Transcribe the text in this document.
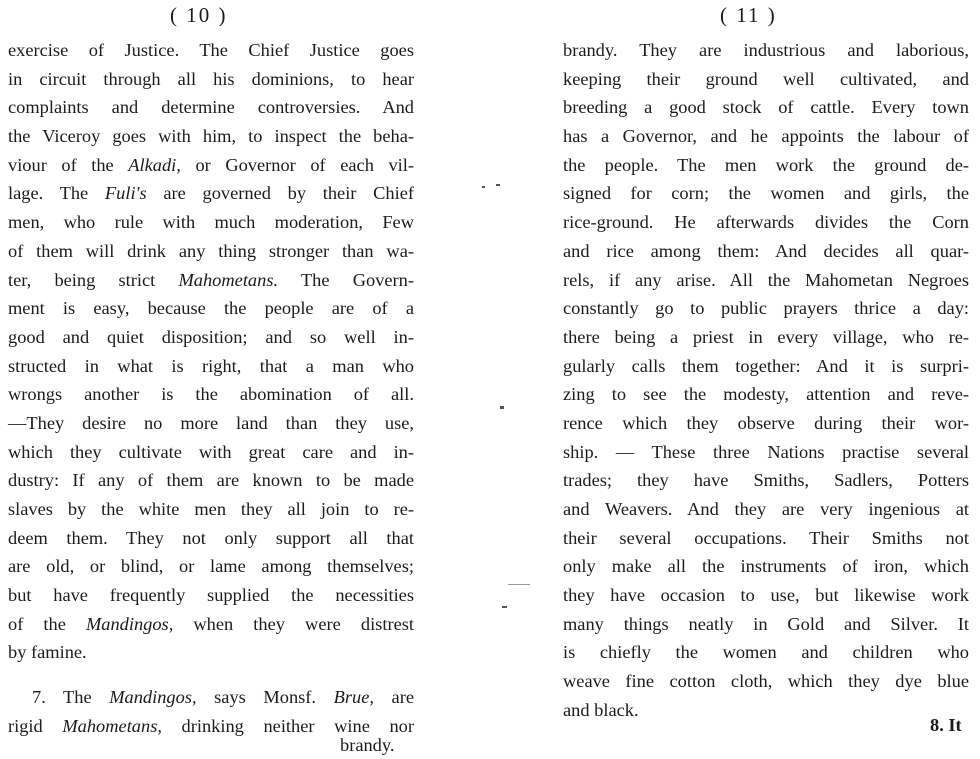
( 10 )
exercise of Justice. The Chief Justice goes
in circuit through all his dominions, to hear
complaints and determine controversies. And
the Viceroy goes with him, to inspect the beha-
viour of the Alkadi, or Governor of each vil-
lage. The Fuli's are governed by their Chief
men, who rule with much moderation, Few
of them will drink any thing stronger than wa-
ter, being strict Mahometans. The Govern-
ment is easy, because the people are of a
good and quiet disposition; and so well in-
structed in what is right, that a man who
wrongs another is the abomination of all.
—They desire no more land than they use,
which they cultivate with great care and in-
dustry: If any of them are known to be made
slaves by the white men they all join to re-
deem them. They not only support all that
are old, or blind, or lame among themselves;
but have frequently supplied the necessities
of the Mandingos, when they were distrest
by famine.
7. The Mandingos, says Monsf. Brue, are
rigid Mahometans, drinking neither wine nor
brandy.
( 11 )
brandy. They are industrious and laborious,
keeping their ground well cultivated, and
breeding a good stock of cattle. Every town
has a Governor, and he appoints the labour of
the people. The men work the ground de-
signed for corn; the women and girls, the
rice-ground. He afterwards divides the Corn
and rice among them: And decides all quar-
rels, if any arise. All the Mahometan Negroes
constantly go to public prayers thrice a day:
there being a priest in every village, who re-
gularly calls them together: And it is surpri-
zing to see the modesty, attention and reve-
rence which they observe during their wor-
ship. — These three Nations practise several
trades; they have Smiths, Sadlers, Potters
and Weavers. And they are very ingenious at
their several occupations. Their Smiths not
only make all the instruments of iron, which
they have occasion to use, but likewise work
many things neatly in Gold and Silver. It
is chiefly the women and children who
weave fine cotton cloth, which they dye blue
and black.
8. It
